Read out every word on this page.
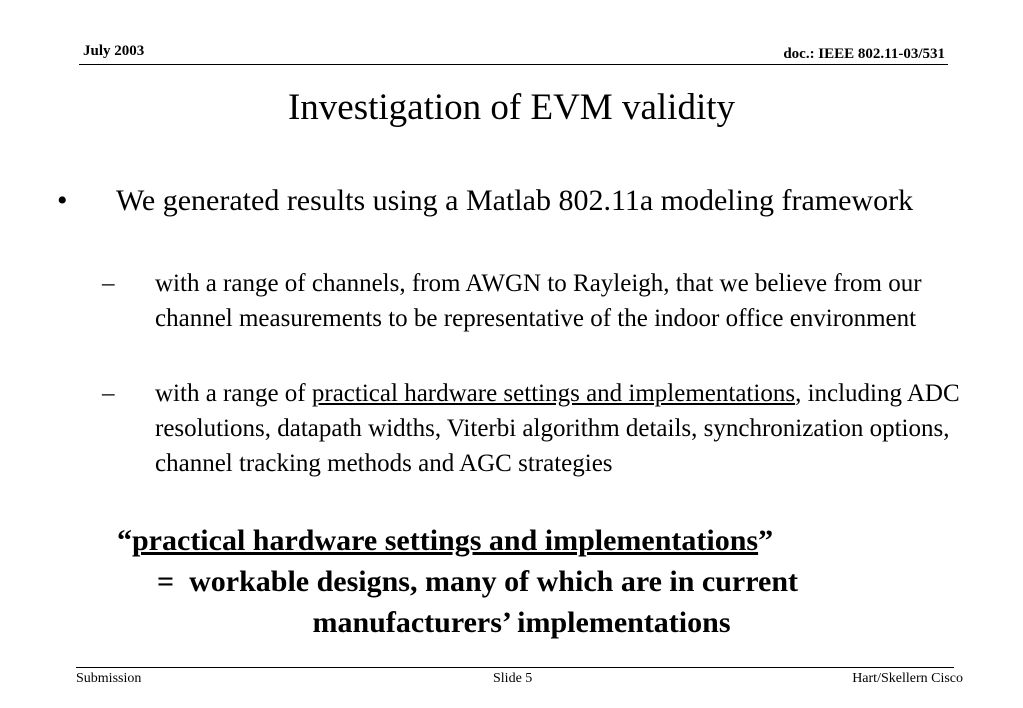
July 2003	doc.: IEEE 802.11-03/531
Investigation of EVM validity
• We generated results using a Matlab 802.11a modeling framework
– with a range of channels, from AWGN to Rayleigh, that we believe from our channel measurements to be representative of the indoor office environment
– with a range of practical hardware settings and implementations, including ADC resolutions, datapath widths, Viterbi algorithm details, synchronization options, channel tracking methods and AGC strategies
“practical hardware settings and implementations”
=  workable designs, many of which are in current
manufacturers’ implementations
Submission	Slide 5	Hart/Skellern Cisco
